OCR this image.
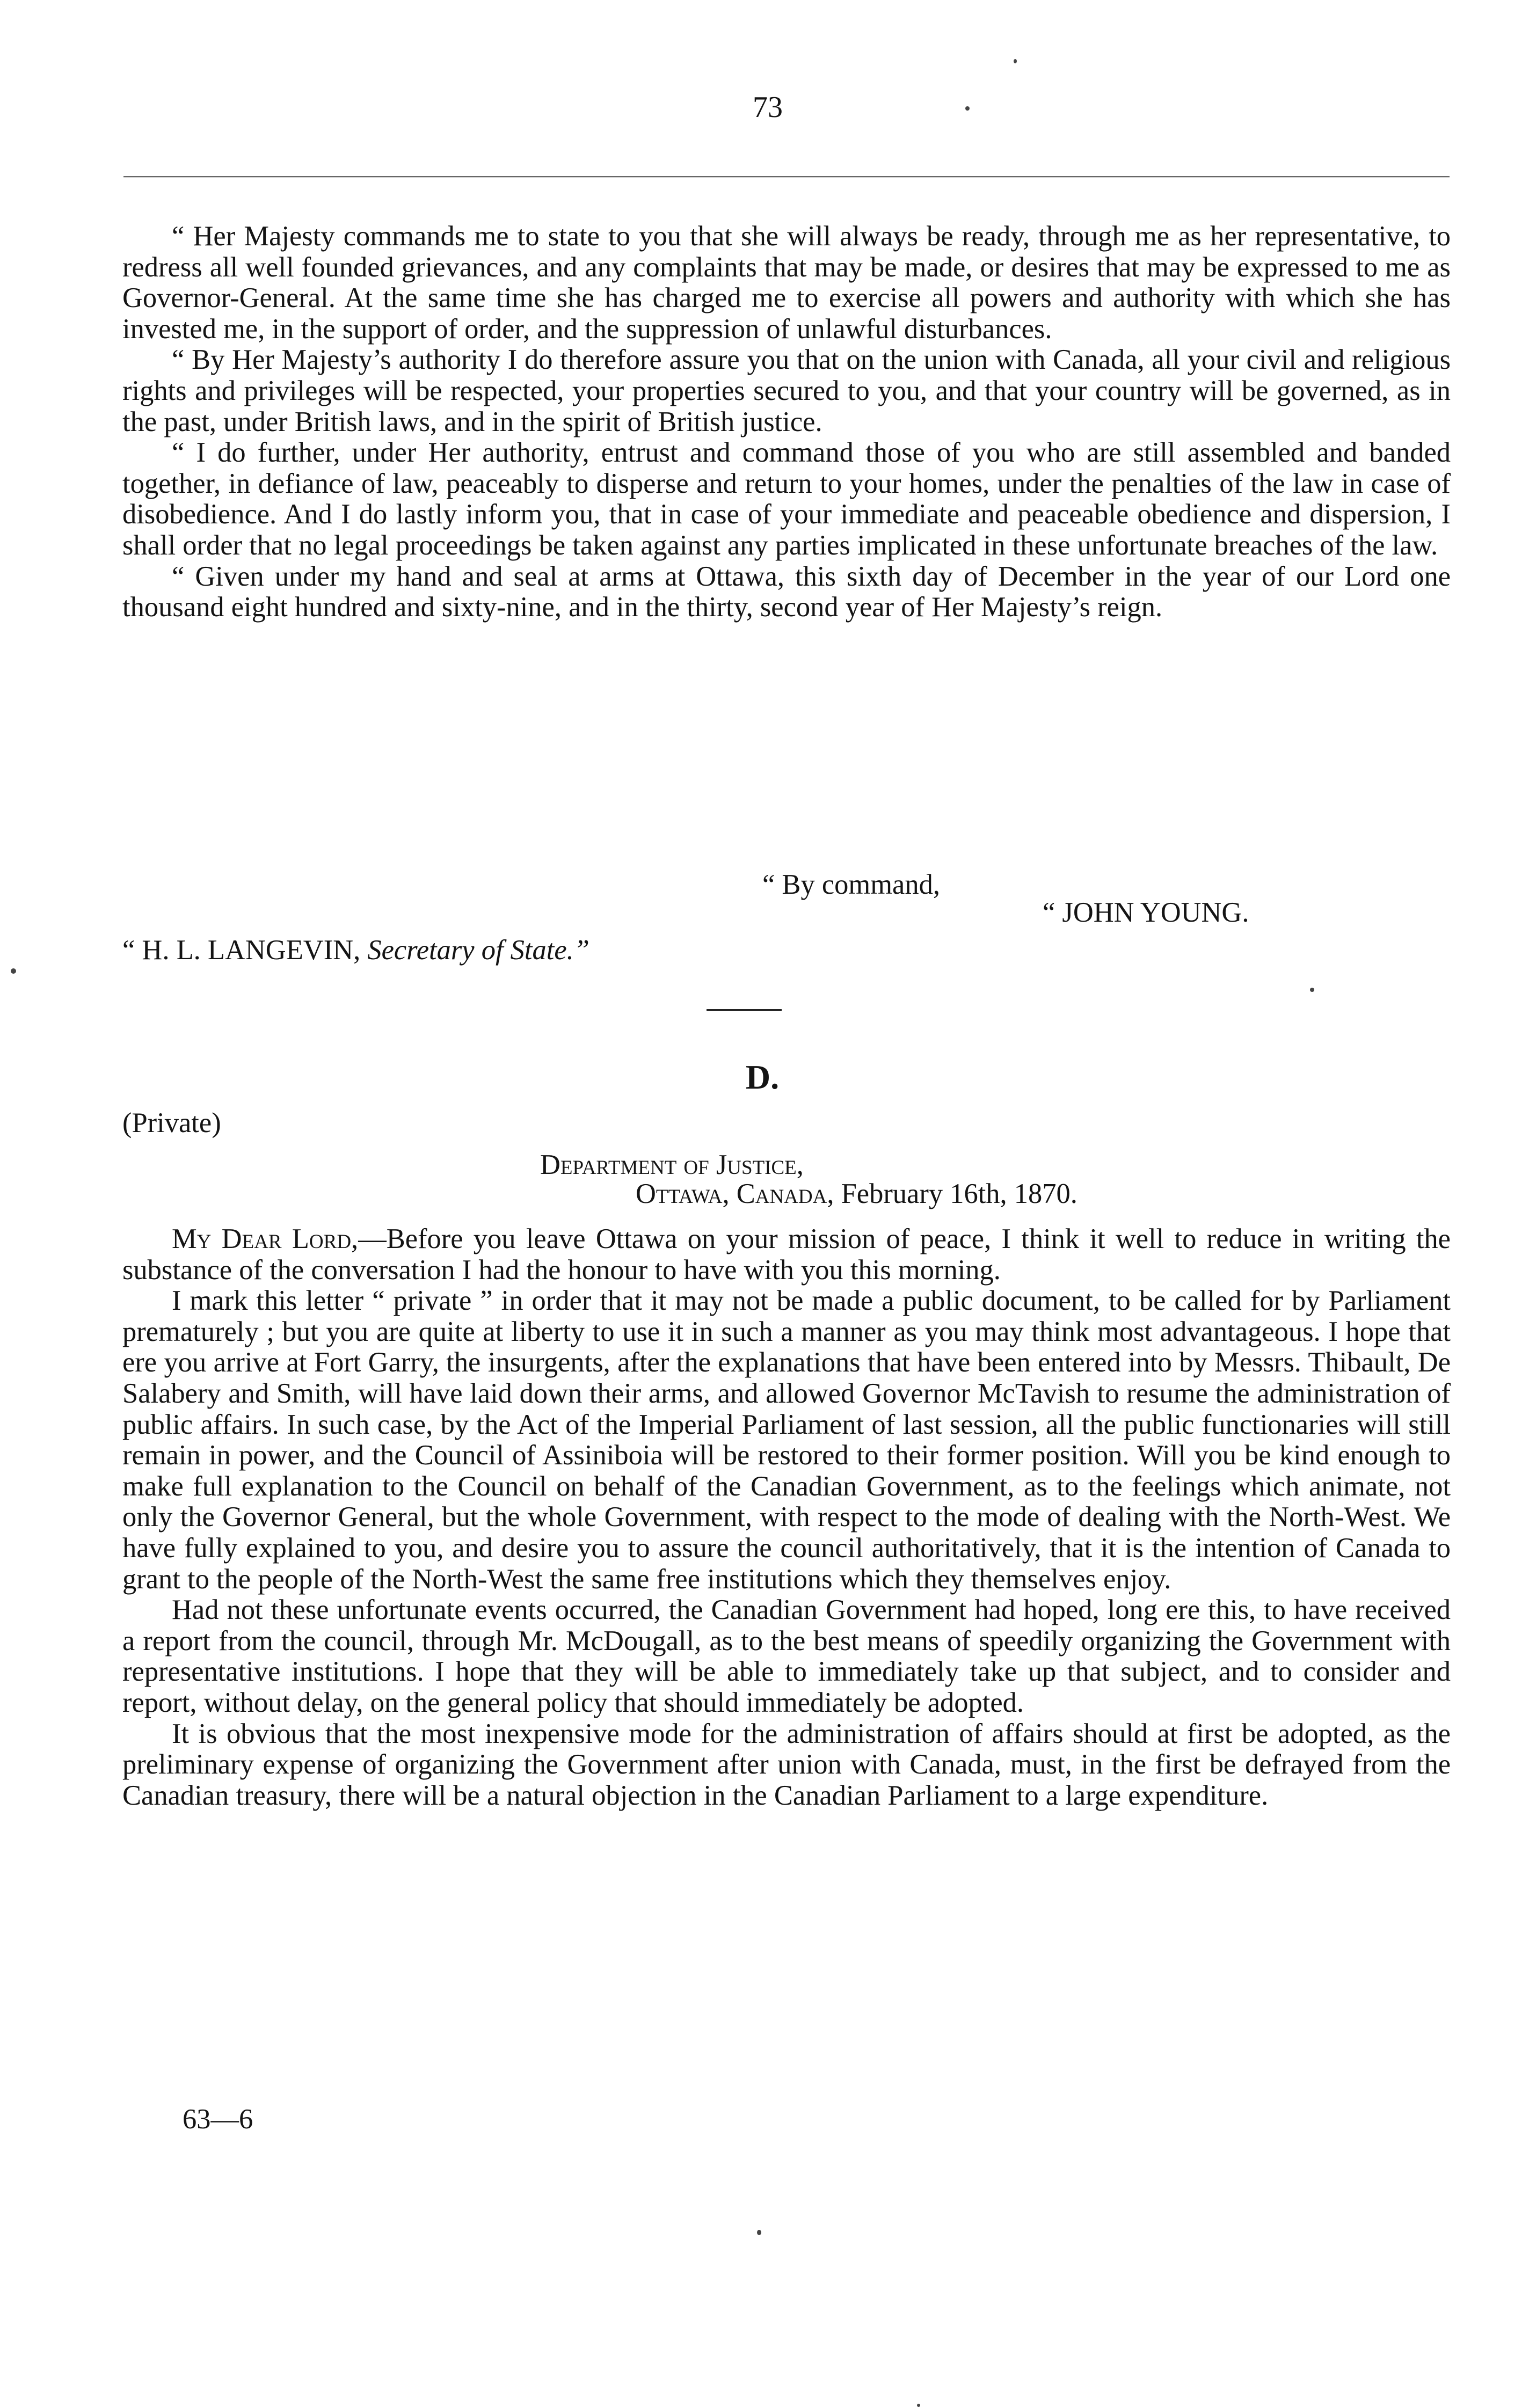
73

“ Her Majesty commands me to state to you that she will always be ready, through me as her representative, to redress all well founded grievances, and any complaints that may be made, or desires that may be expressed to me as Governor-General. At the same time she has charged me to exercise all powers and authority with which she has invested me, in the support of order, and the suppression of unlawful disturbances.

“ By Her Majesty’s authority I do therefore assure you that on the union with Canada, all your civil and religious rights and privileges will be respected, your properties secured to you, and that your country will be governed, as in the past, under British laws, and in the spirit of British justice.

“ I do further, under Her authority, entrust and command those of you who are still assembled and banded together, in defiance of law, peaceably to disperse and return to your homes, under the penalties of the law in case of disobedience. And I do lastly inform you, that in case of your immediate and peaceable obedience and dispersion, I shall order that no legal proceedings be taken against any parties implicated in these unfortunate breaches of the law.

“ Given under my hand and seal at arms at Ottawa, this sixth day of December in the year of our Lord one thousand eight hundred and sixty-nine, and in the thirty, second year of Her Majesty’s reign.

“ By command,
“ JOHN YOUNG.
“ H. L. LANGEVIN, Secretary of State.”
D.
(Private)
Department of Justice,
Ottawa, Canada, February 16th, 1870.

My Dear Lord,—Before you leave Ottawa on your mission of peace, I think it well to reduce in writing the substance of the conversation I had the honour to have with you this morning.

I mark this letter “ private ” in order that it may not be made a public document, to be called for by Parliament prematurely ; but you are quite at liberty to use it in such a manner as you may think most advantageous. I hope that ere you arrive at Fort Garry, the insurgents, after the explanations that have been entered into by Messrs. Thibault, De Salabery and Smith, will have laid down their arms, and allowed Governor McTavish to resume the administration of public affairs. In such case, by the Act of the Imperial Parliament of last session, all the public functionaries will still remain in power, and the Council of Assiniboia will be restored to their former position. Will you be kind enough to make full explanation to the Council on behalf of the Canadian Government, as to the feelings which animate, not only the Governor General, but the whole Government, with respect to the mode of dealing with the North-West. We have fully explained to you, and desire you to assure the council authoritatively, that it is the intention of Canada to grant to the people of the North-West the same free institutions which they themselves enjoy.

Had not these unfortunate events occurred, the Canadian Government had hoped, long ere this, to have received a report from the council, through Mr. McDougall, as to the best means of speedily organizing the Government with representative institutions. I hope that they will be able to immediately take up that subject, and to consider and report, without delay, on the general policy that should immediately be adopted.

It is obvious that the most inexpensive mode for the administration of affairs should at first be adopted, as the preliminary expense of organizing the Government after union with Canada, must, in the first be defrayed from the Canadian treasury, there will be a natural objection in the Canadian Parliament to a large expenditure.

63—6
